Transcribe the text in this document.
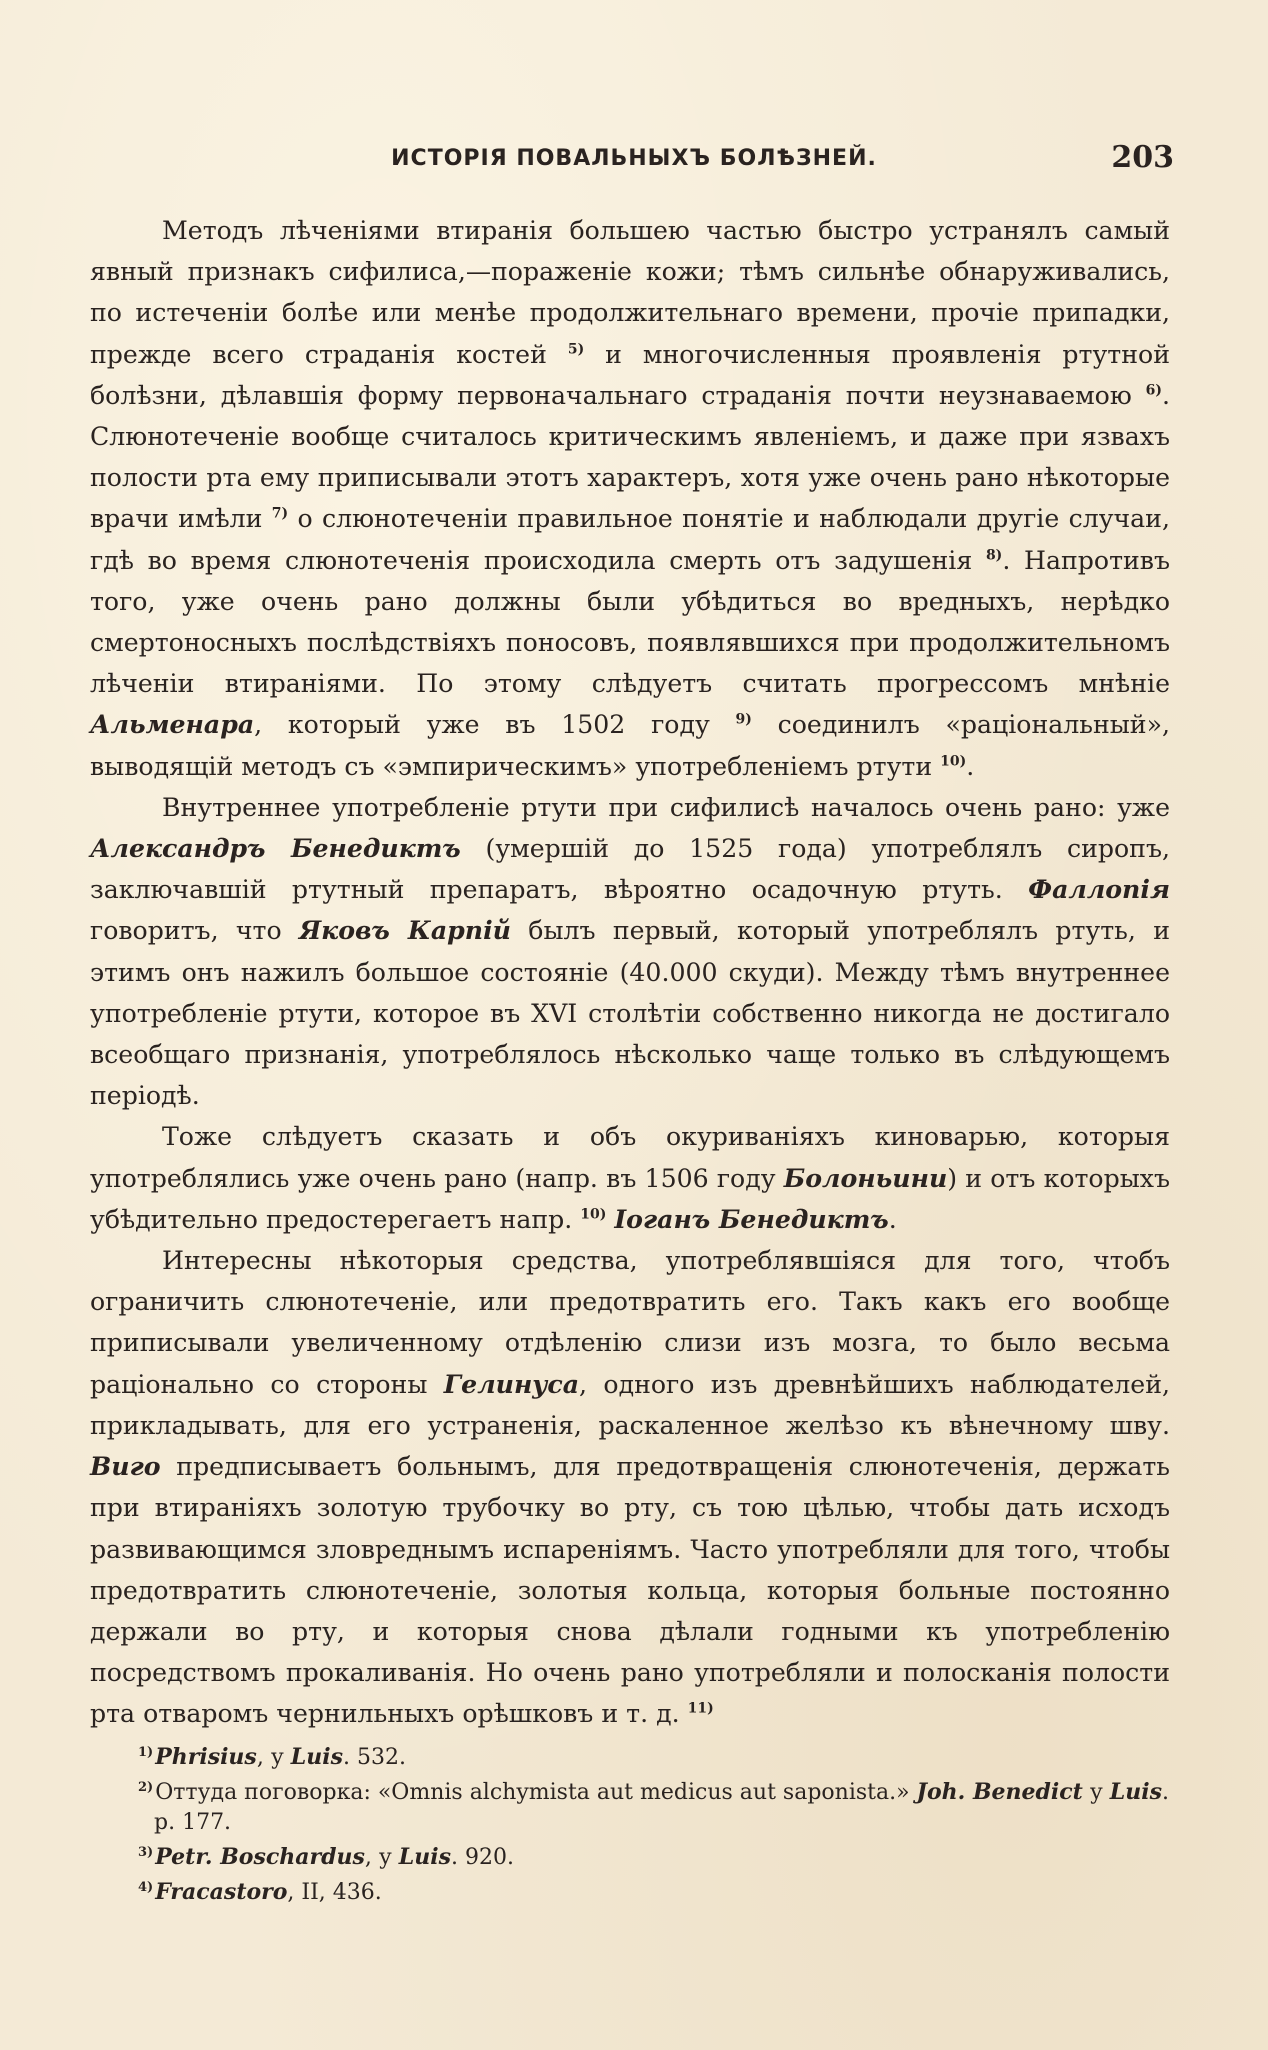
ИСТОРІЯ ПОВАЛЬНЫХЪ БОЛѢЗНЕЙ.	203

Методъ лѣченіями втиранія большею частью быстро устранялъ самый явный признакъ сифилиса,—пораженіе кожи; тѣмъ сильнѣе обнаруживались, по истеченіи болѣе или менѣе продолжительнаго времени, прочіе припадки, прежде всего страданія костей $^{5)}$ и многочисленныя проявленія ртутной болѣзни, дѣлавшія форму первоначальнаго страданія почти неузнаваемою $^{6)}$. Слюнотеченіе вообще считалось критическимъ явленіемъ, и даже при язвахъ полости рта ему приписывали этотъ характеръ, хотя уже очень рано нѣкоторые врачи имѣли $^{7)}$ о слюнотеченіи правильное понятіе и наблюдали другіе случаи, гдѣ во время слюнотеченія происходила смерть отъ задушенія $^{8)}$. Напротивъ того, уже очень рано должны были убѣдиться во вредныхъ, нерѣдко смертоносныхъ послѣдствіяхъ поносовъ, появлявшихся при продолжительномъ лѣченіи втираніями. По этому слѣдуетъ считать прогрессомъ мнѣніе Альменара, который уже въ 1502 году $^{9)}$ соединилъ «раціональный», выводящій методъ съ «эмпирическимъ» употребленіемъ ртути $^{10)}$.

Внутреннее употребленіе ртути при сифилисѣ началось очень рано: уже Александръ Бенедиктъ (умершій до 1525 года) употреблялъ сиропъ, заключавшій ртутный препаратъ, вѣроятно осадочную ртуть. Фаллопія говоритъ, что Яковъ Карпій былъ первый, который употреблялъ ртуть, и этимъ онъ нажилъ большое состояніе (40.000 скуди). Между тѣмъ внутреннее употребленіе ртути, которое въ XVI столѣтіи собственно никогда не достигало всеобщаго признанія, употреблялось нѣсколько чаще только въ слѣдующемъ періодѣ.

Тоже слѣдуетъ сказать и объ окуриваніяхъ киноварью, которыя употреблялись уже очень рано (напр. въ 1506 году Болоньини) и отъ которыхъ убѣдительно предостерегаетъ напр. $^{10)}$ Іоганъ Бенедиктъ.

Интересны нѣкоторыя средства, употреблявшіяся для того, чтобъ ограничить слюнотеченіе, или предотвратить его. Такъ какъ его вообще приписывали увеличенному отдѣленію слизи изъ мозга, то было весьма раціонально со стороны Гелинуса, одного изъ древнѣйшихъ наблюдателей, прикладывать, для его устраненія, раскаленное желѣзо къ вѣнечному шву. Виго предписываетъ больнымъ, для предотвращенія слюнотеченія, держать при втираніяхъ золотую трубочку во рту, съ тою цѣлью, чтобы дать исходъ развивающимся зловреднымъ испареніямъ. Часто употребляли для того, чтобы предотвратить слюнотеченіе, золотыя кольца, которыя больные постоянно держали во рту, и которыя снова дѣлали годными къ употребленію посредствомъ прокаливанія. Но очень рано употребляли и полосканія полости рта отваромъ чернильныхъ орѣшковъ и т. д. $^{11)}$

$^{1)}$Phrisius, у Luis. 532.

$^{2)}$Оттуда поговорка: «Omnis alchymista aut medicus aut saponista.» Joh. Benedict у Luis. p. 177.

$^{3)}$Petr. Boschardus, у Luis. 920.

$^{4)}$Fracastoro, II, 436.
